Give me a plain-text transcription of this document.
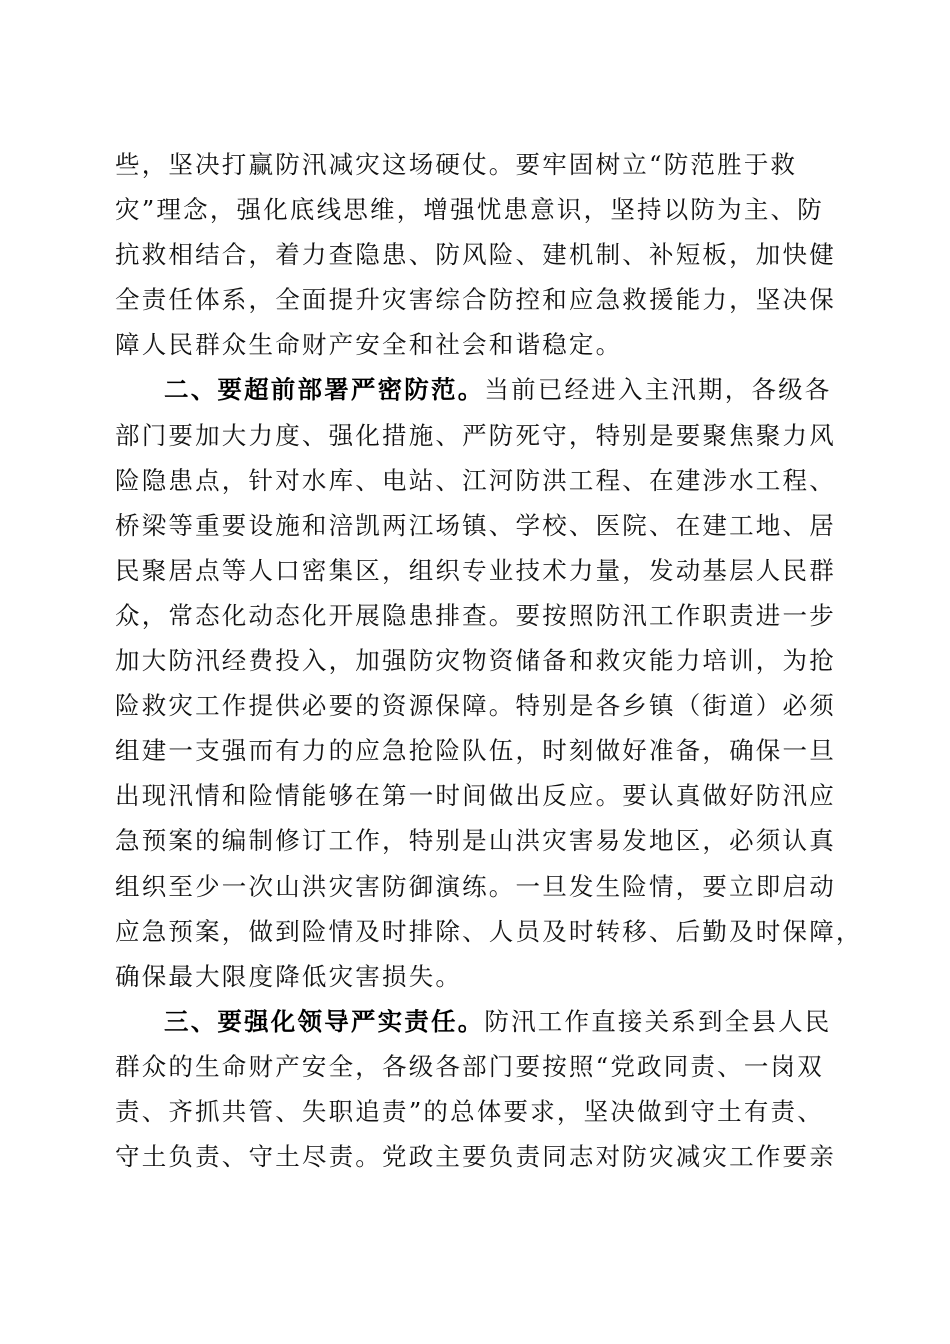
些，坚决打赢防汛减灾这场硬仗。要牢固树立“防范胜于救
灾”理念，强化底线思维，增强忧患意识，坚持以防为主、防
抗救相结合，着力查隐患、防风险、建机制、补短板，加快健
全责任体系，全面提升灾害综合防控和应急救援能力，坚决保
障人民群众生命财产安全和社会和谐稳定。
二、要超前部署严密防范。当前已经进入主汛期，各级各
部门要加大力度、强化措施、严防死守，特别是要聚焦聚力风
险隐患点，针对水库、电站、江河防洪工程、在建涉水工程、
桥梁等重要设施和涪凯两江场镇、学校、医院、在建工地、居
民聚居点等人口密集区，组织专业技术力量，发动基层人民群
众，常态化动态化开展隐患排查。要按照防汛工作职责进一步
加大防汛经费投入，加强防灾物资储备和救灾能力培训，为抢
险救灾工作提供必要的资源保障。特别是各乡镇（街道）必须
组建一支强而有力的应急抢险队伍，时刻做好准备，确保一旦
出现汛情和险情能够在第一时间做出反应。要认真做好防汛应
急预案的编制修订工作，特别是山洪灾害易发地区，必须认真
组织至少一次山洪灾害防御演练。一旦发生险情，要立即启动
应急预案，做到险情及时排除、人员及时转移、后勤及时保障，
确保最大限度降低灾害损失。
三、要强化领导严实责任。防汛工作直接关系到全县人民
群众的生命财产安全，各级各部门要按照“党政同责、一岗双
责、齐抓共管、失职追责”的总体要求，坚决做到守土有责、
守土负责、守土尽责。党政主要负责同志对防灾减灾工作要亲
